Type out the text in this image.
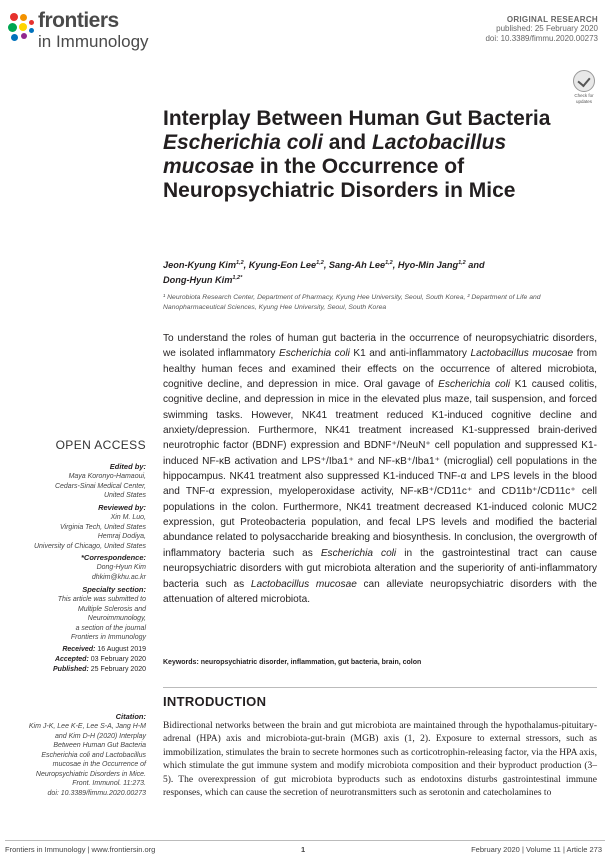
frontiers
in Immunology
ORIGINAL RESEARCH
published: 25 February 2020
doi: 10.3389/fimmu.2020.00273
Check for updates
Interplay Between Human Gut Bacteria Escherichia coli and Lactobacillus mucosae in the Occurrence of Neuropsychiatric Disorders in Mice
Jeon-Kyung Kim$^{1,2}$, Kyung-Eon Lee$^{1,2}$, Sang-Ah Lee$^{1,2}$, Hyo-Min Jang$^{1,2}$ and
Dong-Hyun Kim$^{1,2*}$
¹ Neurobiota Research Center, Department of Pharmacy, Kyung Hee University, Seoul, South Korea, ² Department of Life and Nanopharmaceutical Sciences, Kyung Hee University, Seoul, South Korea
OPEN ACCESS
Edited by:
Maya Koronyo-Hamaoui,
Cedars-Sinai Medical Center,
United States
Reviewed by:
Xin M. Luo,
Virginia Tech, United States
Hemraj Dodiya,
University of Chicago, United States
*Correspondence:
Dong-Hyun Kim
dhkim@khu.ac.kr
Specialty section:
This article was submitted to
Multiple Sclerosis and
Neuroimmunology,
a section of the journal
Frontiers in Immunology
Received: 16 August 2019
Accepted: 03 February 2020
Published: 25 February 2020
Citation:
Kim J-K, Lee K-E, Lee S-A, Jang H-M
and Kim D-H (2020) Interplay
Between Human Gut Bacteria
Escherichia coli and Lactobacillus
mucosae in the Occurrence of
Neuropsychiatric Disorders in Mice.
Front. Immunol. 11:273.
doi: 10.3389/fimmu.2020.00273
To understand the roles of human gut bacteria in the occurrence of neuropsychiatric disorders, we isolated inflammatory Escherichia coli K1 and anti-inflammatory Lactobacillus mucosae from healthy human feces and examined their effects on the occurrence of altered microbiota, cognitive decline, and depression in mice. Oral gavage of Escherichia coli K1 caused colitis, cognitive decline, and depression in mice in the elevated plus maze, tail suspension, and forced swimming tasks. However, NK41 treatment reduced K1-induced cognitive decline and anxiety/depression. Furthermore, NK41 treatment increased K1-suppressed brain-derived neurotrophic factor (BDNF) expression and BDNF⁺/NeuN⁺ cell population and suppressed K1-induced NF-κB activation and LPS⁺/Iba1⁺ and NF-κB⁺/Iba1⁺ (microglial) cell populations in the hippocampus. NK41 treatment also suppressed K1-induced TNF-α and LPS levels in the blood and TNF-α expression, myeloperoxidase activity, NF-κB⁺/CD11c⁺ and CD11b⁺/CD11c⁺ cell populations in the colon. Furthermore, NK41 treatment decreased K1-induced colonic MUC2 expression, gut Proteobacteria population, and fecal LPS levels and modified the bacterial abundance related to polysaccharide breaking and biosynthesis. In conclusion, the overgrowth of inflammatory bacteria such as Escherichia coli in the gastrointestinal tract can cause neuropsychiatric disorders with gut microbiota alteration and the superiority of anti-inflammatory bacteria such as Lactobacillus mucosae can alleviate neuropsychiatric disorders with the attenuation of altered microbiota.
Keywords: neuropsychiatric disorder, inflammation, gut bacteria, brain, colon
INTRODUCTION
Bidirectional networks between the brain and gut microbiota are maintained through the hypothalamus-pituitary-adrenal (HPA) axis and microbiota-gut-brain (MGB) axis (1, 2). Exposure to external stressors, such as immobilization, stimulates the brain to secrete hormones such as corticotrophin-releasing factor, via the HPA axis, which stimulate the gut immune system and modify microbiota composition and their byproduct production (3–5). The overexpression of gut microbiota byproducts such as endotoxins disturbs gastrointestinal immune responses, which can cause the secretion of neurotransmitters such as serotonin and catecholamines to
Frontiers in Immunology | www.frontiersin.org	1	February 2020 | Volume 11 | Article 273
